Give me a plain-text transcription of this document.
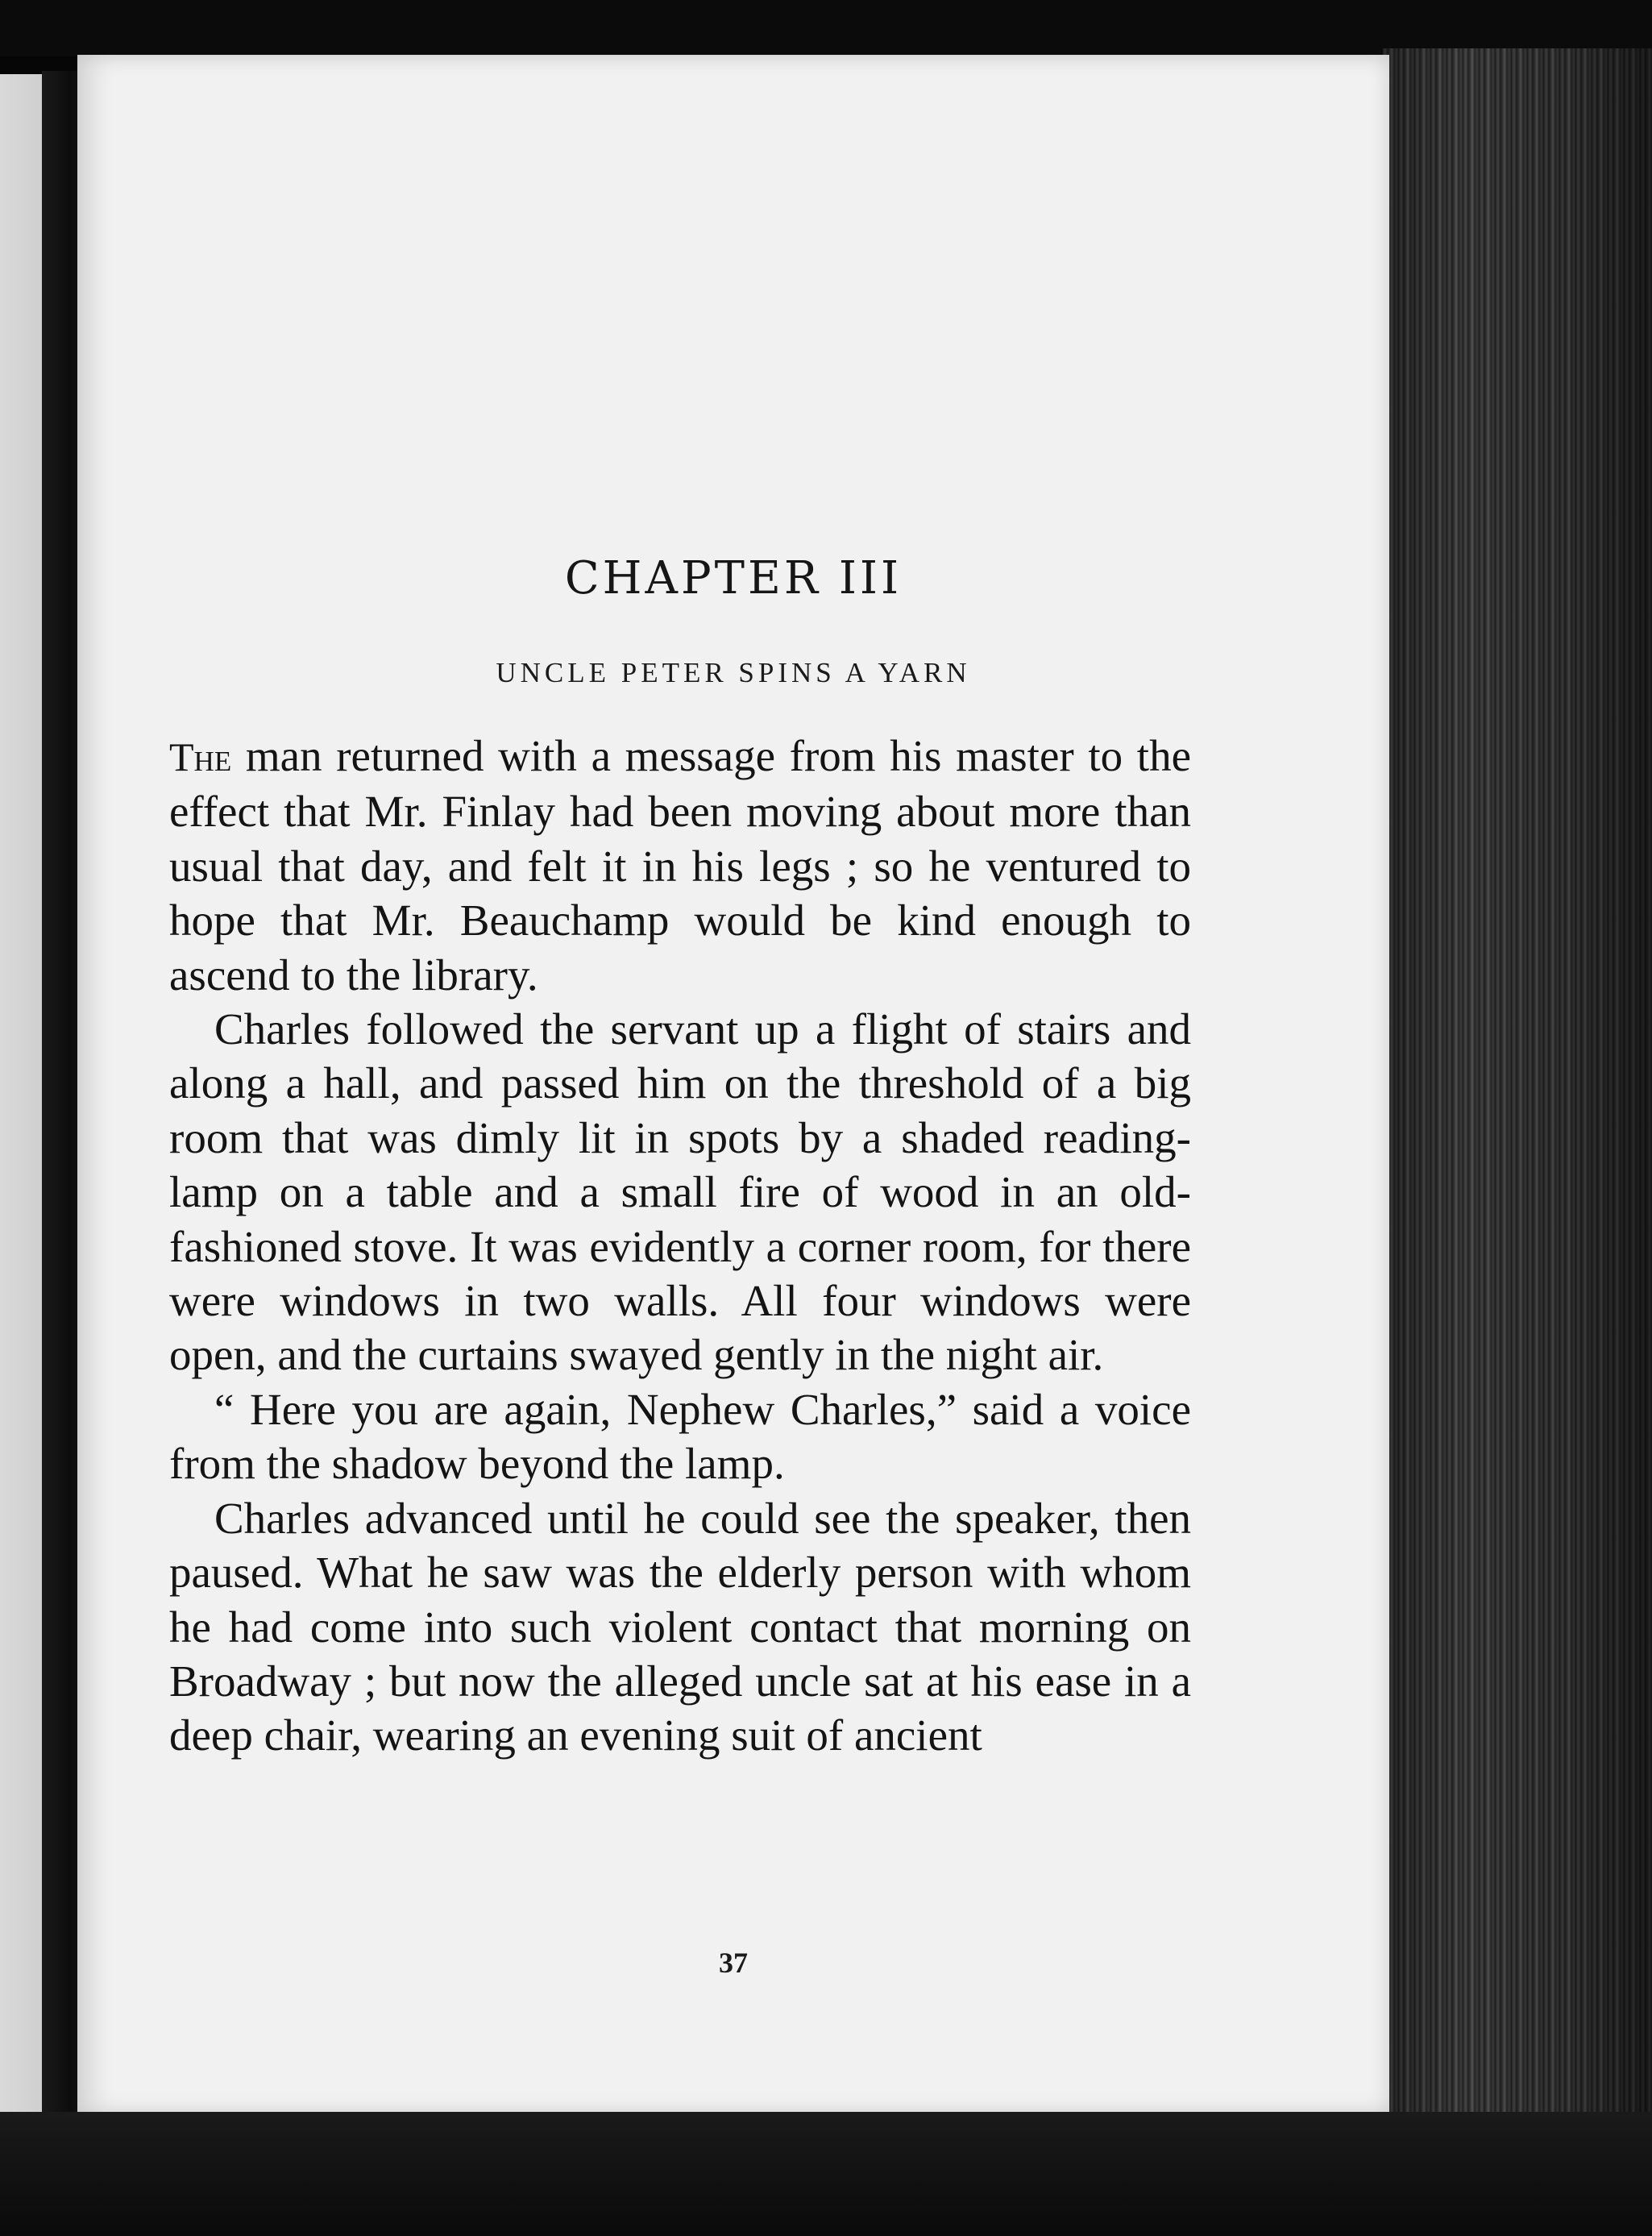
CHAPTER III
UNCLE PETER SPINS A YARN

The man returned with a message from his master to the effect that Mr. Finlay had been moving about more than usual that day, and felt it in his legs ; so he ventured to hope that Mr. Beauchamp would be kind enough to ascend to the library.

Charles followed the servant up a flight of stairs and along a hall, and passed him on the threshold of a big room that was dimly lit in spots by a shaded reading-lamp on a table and a small fire of wood in an old-fashioned stove. It was evidently a corner room, for there were windows in two walls. All four windows were open, and the curtains swayed gently in the night air.

“ Here you are again, Nephew Charles,” said a voice from the shadow beyond the lamp.

Charles advanced until he could see the speaker, then paused. What he saw was the elderly person with whom he had come into such violent contact that morning on Broadway ; but now the alleged uncle sat at his ease in a deep chair, wearing an evening suit of ancient

37
